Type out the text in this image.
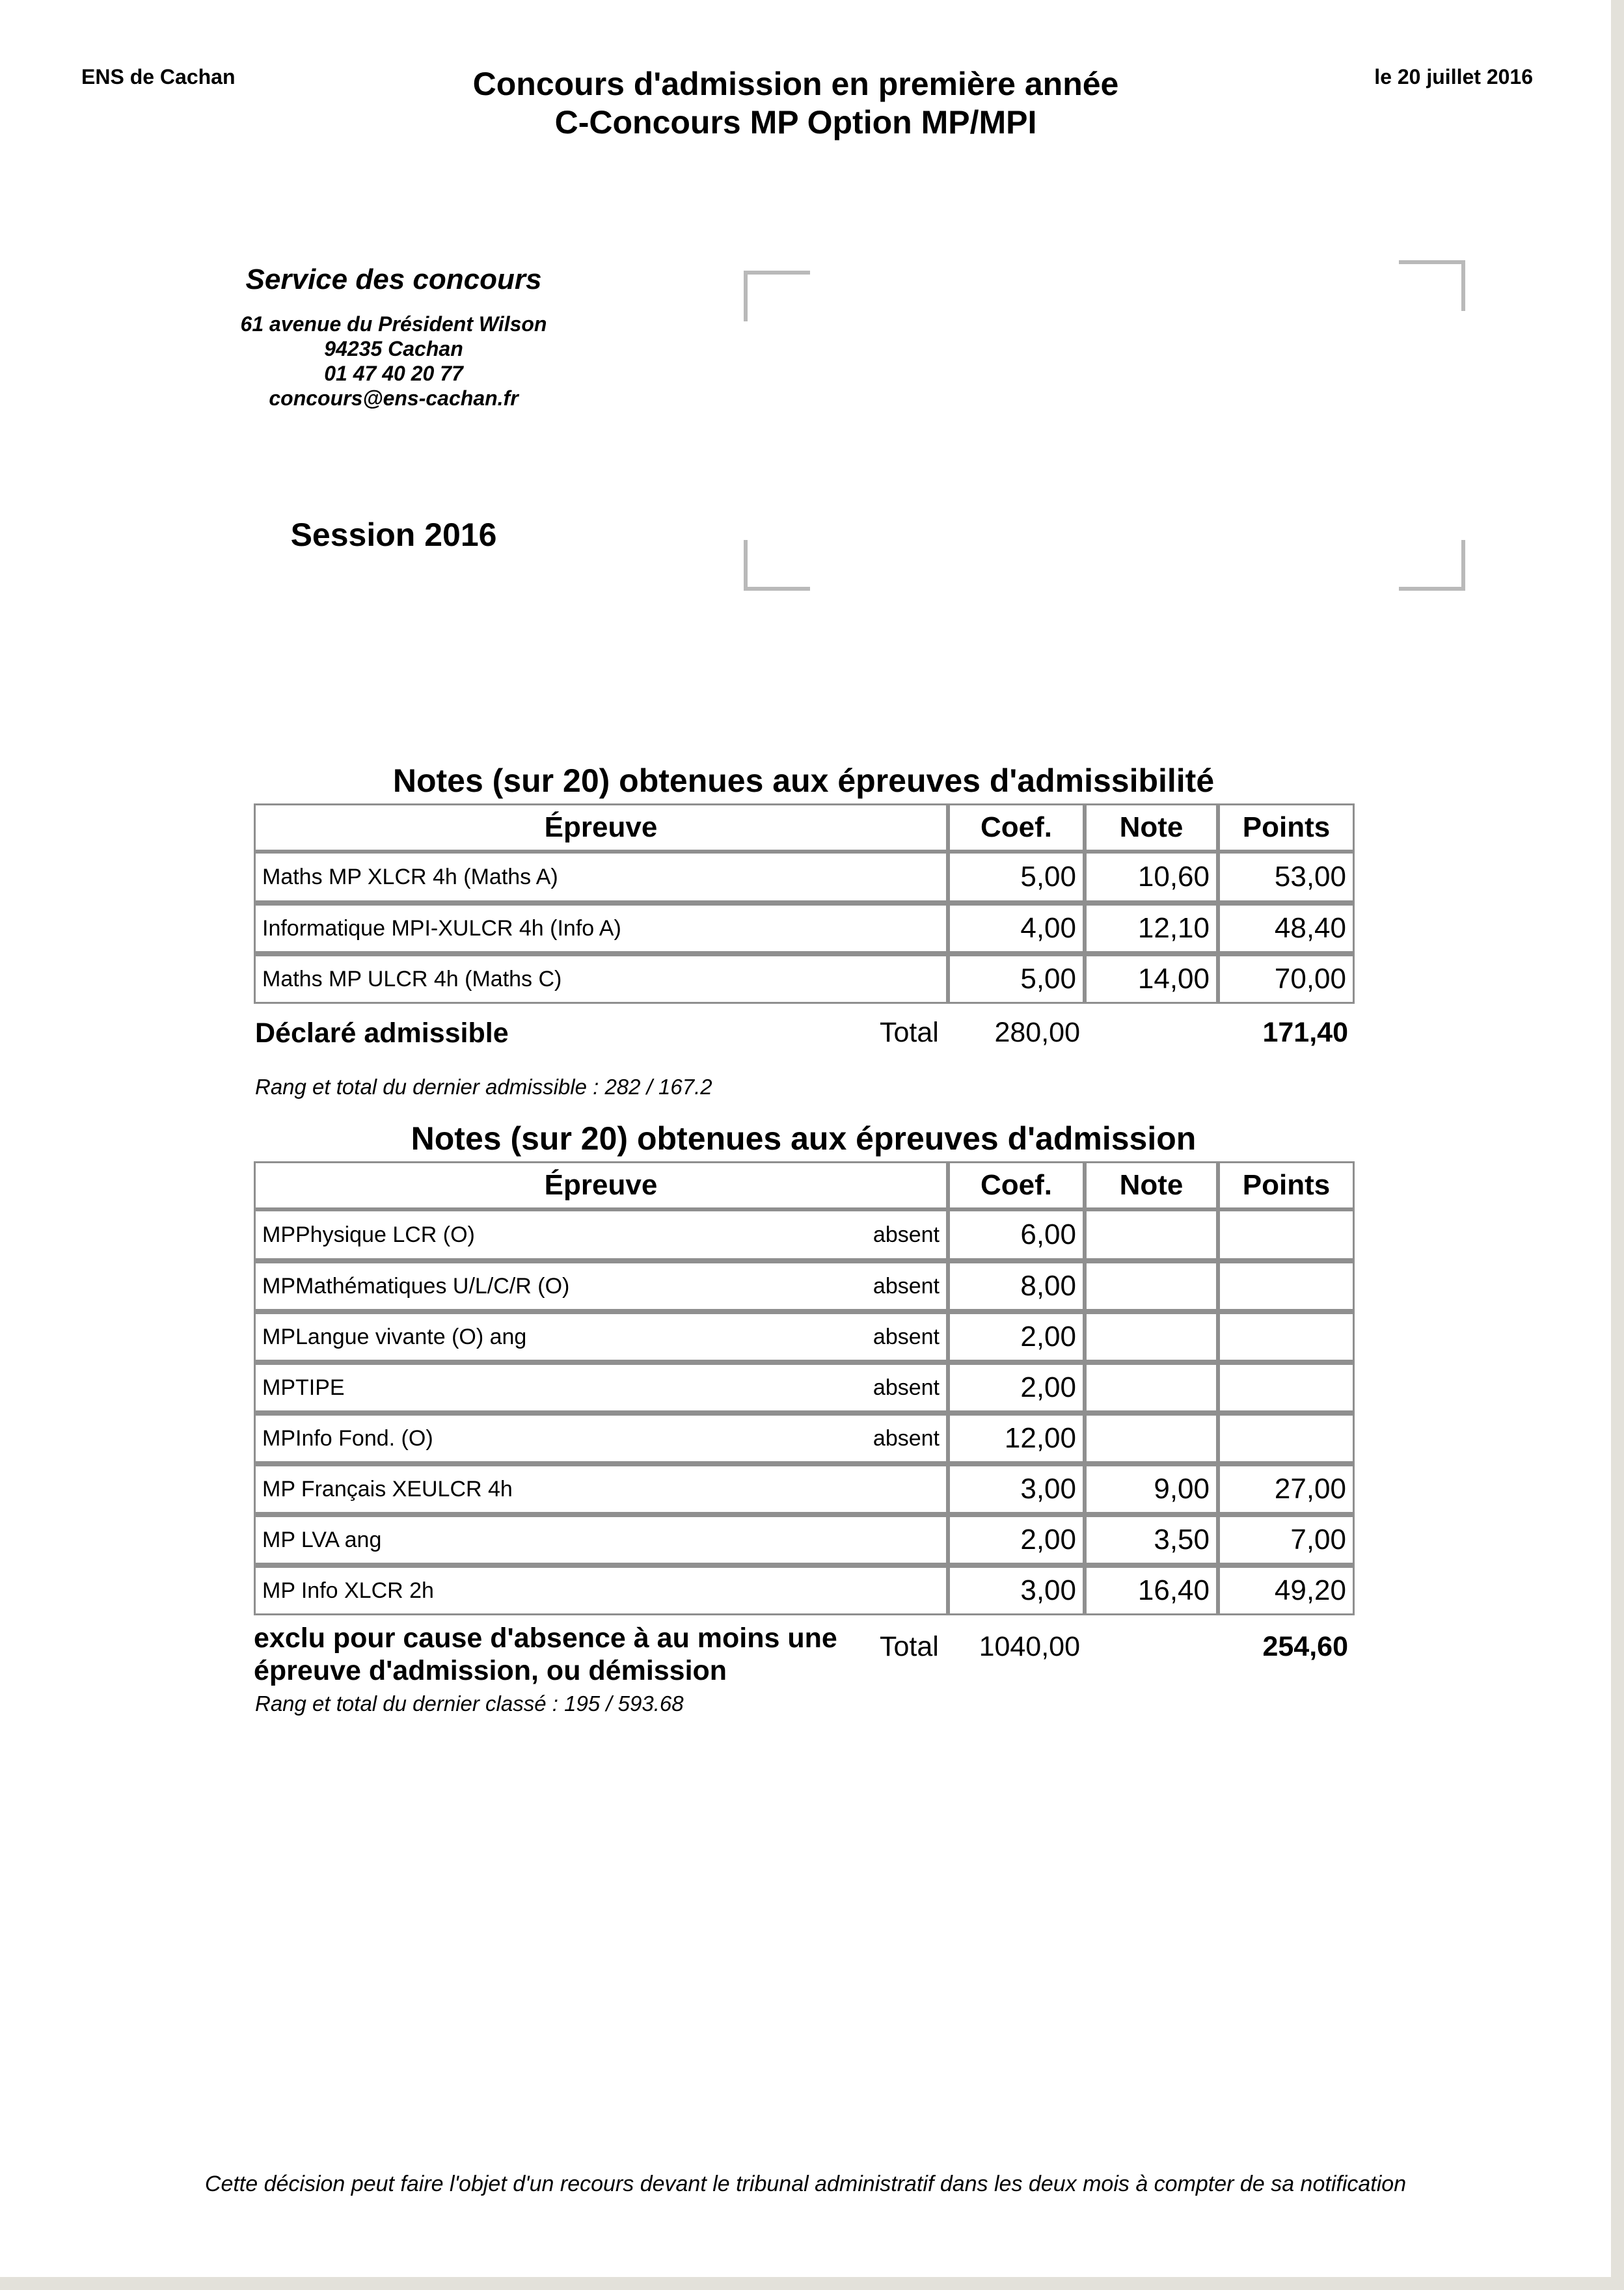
ENS de Cachan	Concours d'admission en première année
C-Concours MP Option MP/MPI
le 20 juillet 2016
Service des concours
61 avenue du Président Wilson
94235 Cachan
01 47 40 20 77
concours@ens-cachan.fr
Session 2016
Notes (sur 20) obtenues aux épreuves d'admissibilité
Épreuve	Coef.	Note	Points

Maths MP XLCR 4h (Maths A)	5,00	10,60	53,00

Informatique MPI-XULCR 4h (Info A)	4,00	12,10	48,40

Maths MP ULCR 4h (Maths C)	5,00	14,00	70,00
Déclaré admissible	Total	280,00	171,40
Rang et total du dernier admissible : 282 / 167.2
Notes (sur 20) obtenues aux épreuves d'admission
Épreuve	Coef.	Note	Points

MPPhysique LCR (O) absent	6,00		

MPMathématiques U/L/C/R (O) absent	8,00		

MPLangue vivante (O) ang absent	2,00		

MPTIPE absent	2,00		

MPInfo Fond. (O) absent	12,00		

MP Français XEULCR 4h	3,00	9,00	27,00

MP LVA ang	2,00	3,50	7,00

MP Info XLCR 2h	3,00	16,40	49,20
exclu pour cause d'absence à au moins une
épreuve d'admission, ou démission
Total	1040,00	254,60
Rang et total du dernier classé : 195 / 593.68
Cette décision peut faire l'objet d'un recours devant le tribunal administratif dans les deux mois à compter de sa notification
